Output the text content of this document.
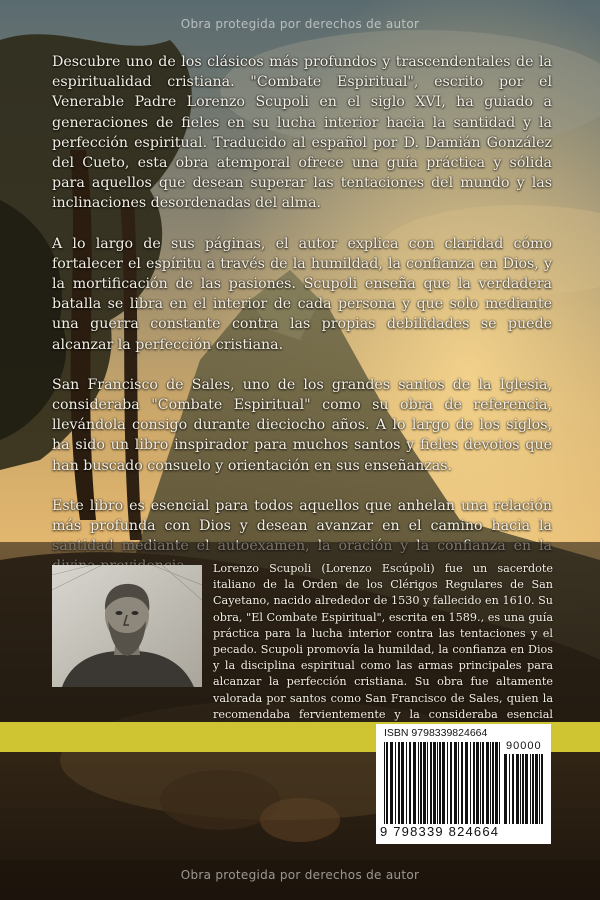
Obra protegida por derechos de autor

Descubre uno de los clásicos más profundos y trascendentales de la espiritualidad cristiana. "Combate Espiritual", escrito por el Venerable Padre Lorenzo Scupoli en el siglo XVI, ha guiado a generaciones de fieles en su lucha interior hacia la santidad y la perfección espiritual. Traducido al español por D. Damián González del Cueto, esta obra atemporal ofrece una guía práctica y sólida para aquellos que desean superar las tentaciones del mundo y las inclinaciones desordenadas del alma.

A lo largo de sus páginas, el autor explica con claridad cómo fortalecer el espíritu a través de la humildad, la confianza en Dios, y la mortificación de las pasiones. Scupoli enseña que la verdadera batalla se libra en el interior de cada persona y que solo mediante una guerra constante contra las propias debilidades se puede alcanzar la perfección cristiana.

San Francisco de Sales, uno de los grandes santos de la Iglesia, consideraba "Combate Espiritual" como su obra de referencia, llevándola consigo durante dieciocho años. A lo largo de los siglos, ha sido un libro inspirador para muchos santos y fieles devotos que han buscado consuelo y orientación en sus enseñanzas.

Este libro es esencial para todos aquellos que anhelan una relación más profunda con Dios y desean avanzar en el camino hacia la

Lorenzo Scupoli (Lorenzo Escúpoli) fue un sacerdote italiano de la Orden de los Clérigos Regulares de San Cayetano, nacido alrededor de 1530 y fallecido en 1610. Su obra, "El Combate Espiritual", escrita en 1589., es una guía práctica para la lucha interior contra las tentaciones y el pecado. Scupoli promovía la humildad, la confianza en Dios y la disciplina espiritual como las armas principales para alcanzar la perfección cristiana. Su obra fue altamente valorada por santos como San Francisco de Sales, quien la recomendaba fervientemente y la consideraba esencial

ISBN 9798339824664

90000

9 798339 824664

Obra protegida por derechos de autor
